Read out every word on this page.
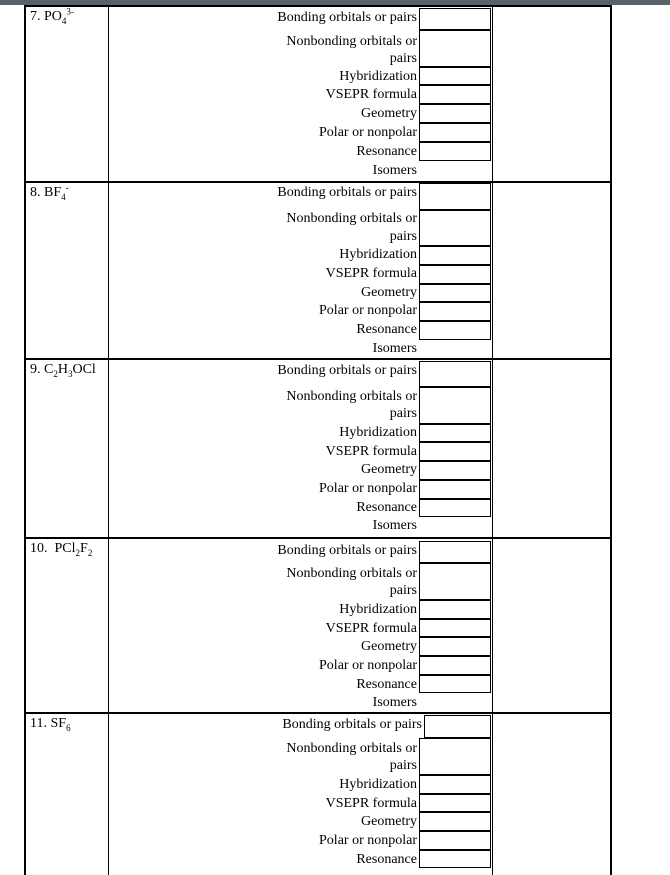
7. $PO_4^{3-}$	Bonding orbitals or pairs
Nonbonding orbitals or
pairs
Hybridization
VSEPR formula
Geometry
Polar or nonpolar
Resonance
Isomers
8. $BF_4^-$	Bonding orbitals or pairs
Nonbonding orbitals or
pairs
Hybridization
VSEPR formula
Geometry
Polar or nonpolar
Resonance
Isomers
9. $C_2H_3OCl$	Bonding orbitals or pairs
Nonbonding orbitals or
pairs
Hybridization
VSEPR formula
Geometry
Polar or nonpolar
Resonance
Isomers
10. $PCl_2F_2$	Bonding orbitals or pairs
Nonbonding orbitals or
pairs
Hybridization
VSEPR formula
Geometry
Polar or nonpolar
Resonance
Isomers
11. $SF_6$	Bonding orbitals or pairs
Nonbonding orbitals or
pairs
Hybridization
VSEPR formula
Geometry
Polar or nonpolar
Resonance
